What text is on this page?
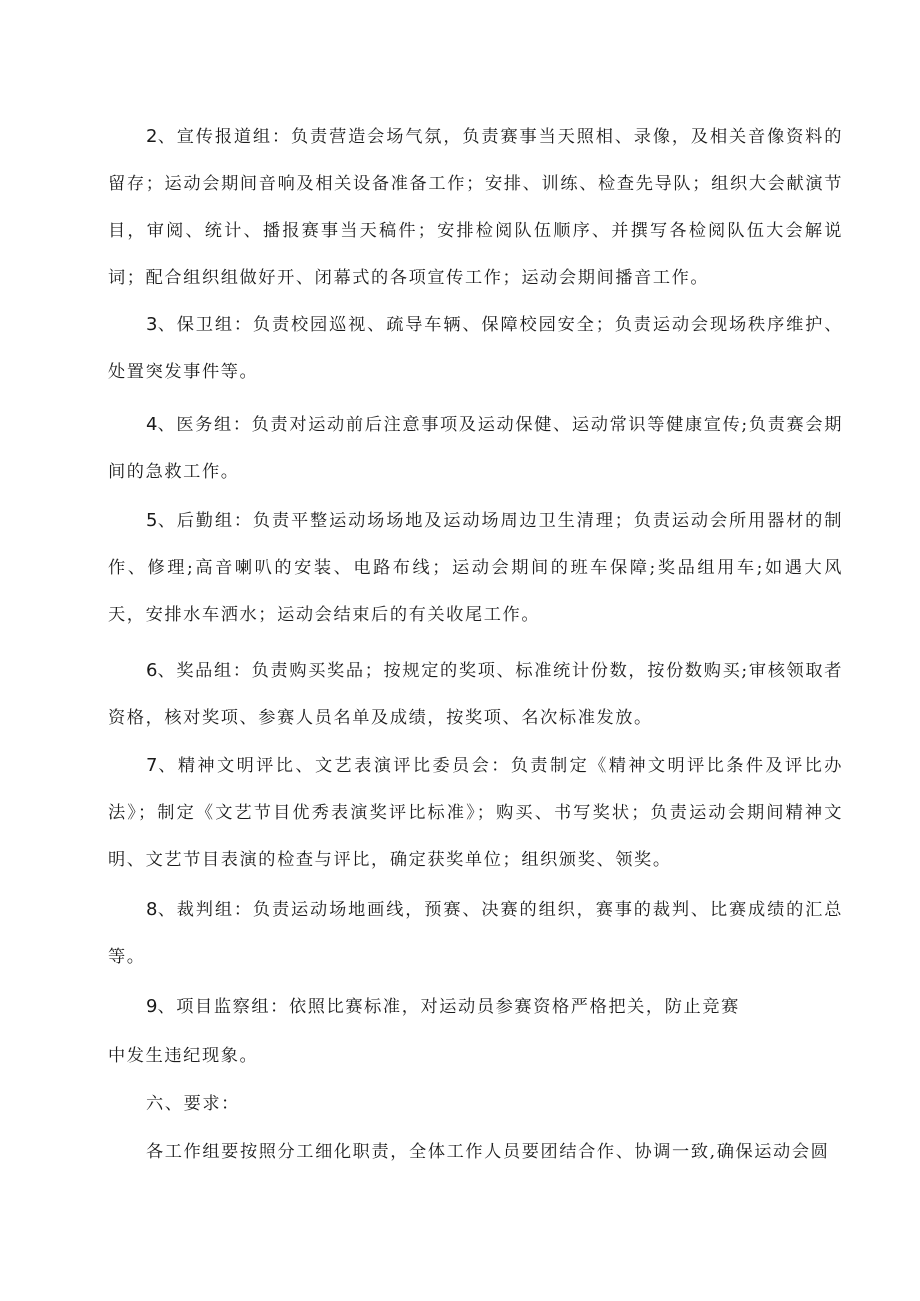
2、宣传报道组：负责营造会场气氛，负责赛事当天照相、录像，及相关音像资料的留存；运动会期间音响及相关设备准备工作；安排、训练、检查先导队；组织大会献演节目，审阅、统计、播报赛事当天稿件；安排检阅队伍顺序、并撰写各检阅队伍大会解说词；配合组织组做好开、闭幕式的各项宣传工作；运动会期间播音工作。

3、保卫组：负责校园巡视、疏导车辆、保障校园安全；负责运动会现场秩序维护、处置突发事件等。

4、医务组：负责对运动前后注意事项及运动保健、运动常识等健康宣传;负责赛会期间的急救工作。

5、后勤组：负责平整运动场场地及运动场周边卫生清理；负责运动会所用器材的制作、修理;高音喇叭的安装、电路布线；运动会期间的班车保障;奖品组用车;如遇大风天，安排水车洒水；运动会结束后的有关收尾工作。

6、奖品组：负责购买奖品；按规定的奖项、标准统计份数，按份数购买;审核领取者资格，核对奖项、参赛人员名单及成绩，按奖项、名次标准发放。

7、精神文明评比、文艺表演评比委员会：负责制定《精神文明评比条件及评比办法》；制定《文艺节目优秀表演奖评比标准》；购买、书写奖状；负责运动会期间精神文明、文艺节目表演的检查与评比，确定获奖单位；组织颁奖、领奖。

8、裁判组：负责运动场地画线，预赛、决赛的组织，赛事的裁判、比赛成绩的汇总等。

9、项目监察组：依照比赛标准，对运动员参赛资格严格把关，防止竞赛

中发生违纪现象。

六、要求：

各工作组要按照分工细化职责，全体工作人员要团结合作、协调一致,确保运动会圆
